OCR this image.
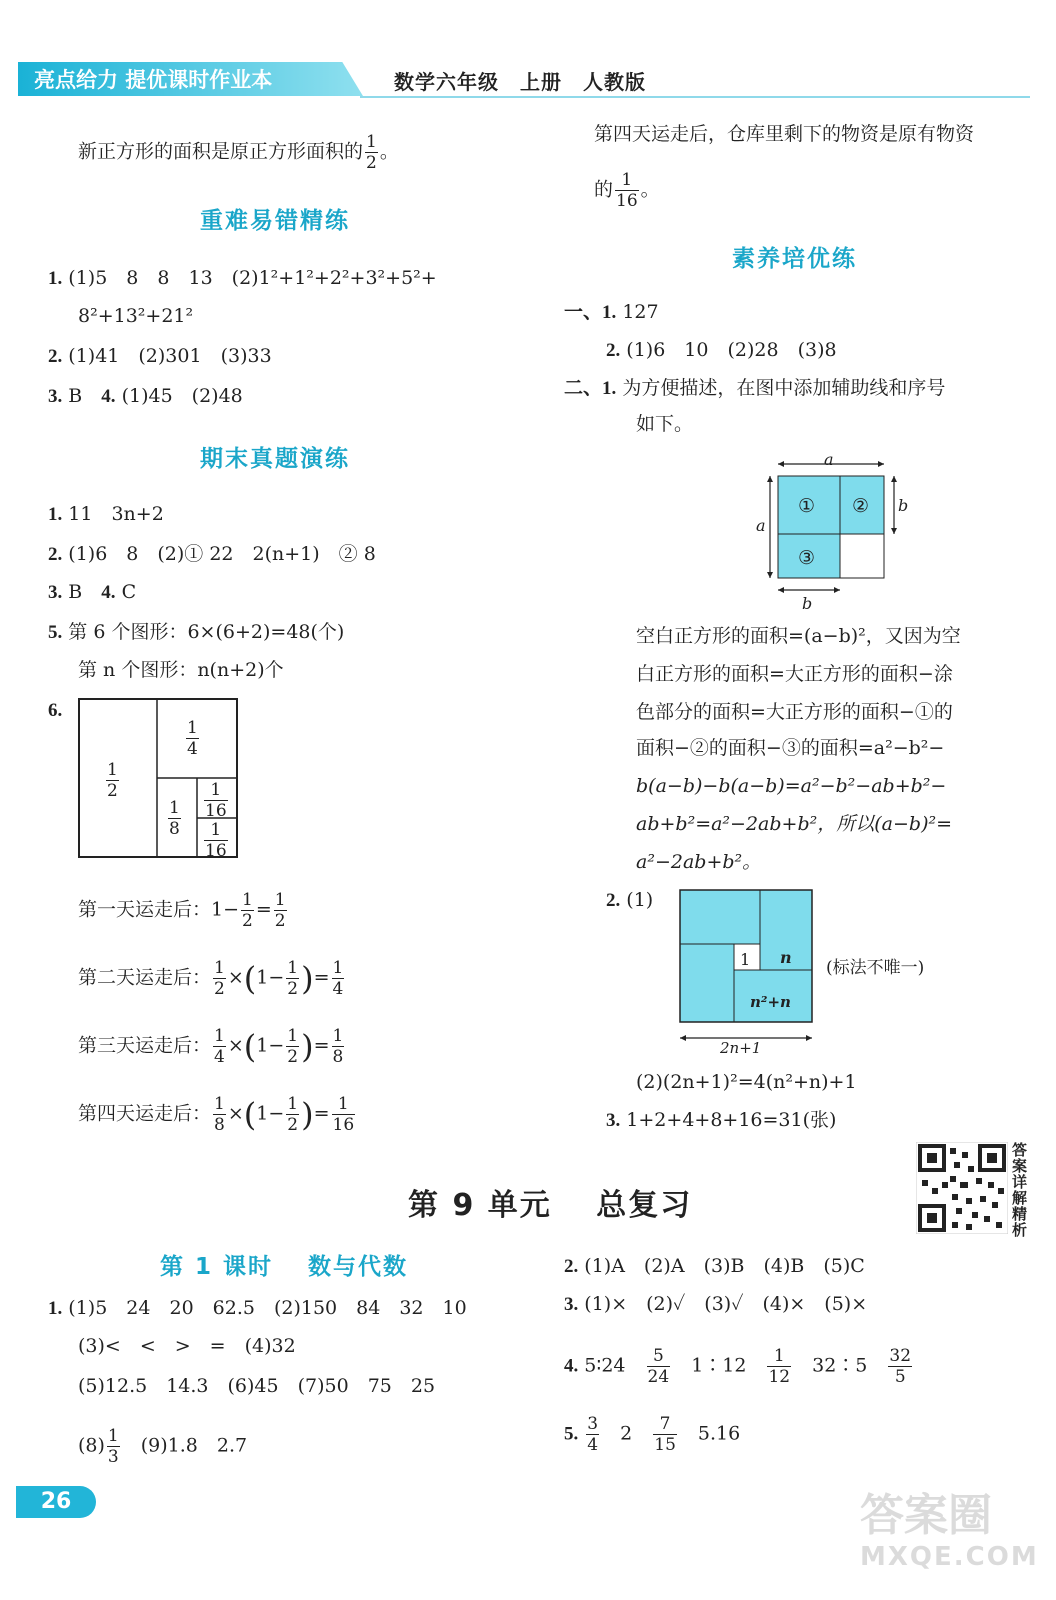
亮点给力 提优课时作业本	数学六年级　上册　人教版
新正方形的面积是原正方形面积的 $\frac{1}{2}$ 。
重难易错精练
1. (1)5　8　8　13　(2)1²+1²+2²+3²+5²+
8²+13²+21²
2. (1)41　(2)301　(3)33
3. B　 4. (1)45　(2)48
期末真题演练
1. 11　3n+2
2. (1)6　8　(2)① 22　2(n+1)　② 8
3. B　 4. C
5. 第 6 个图形：6×(6+2)=48(个)
第 n 个图形：n(n+2)个
6.
$\frac{1}{2}$
$\frac{1}{4}$
$\frac{1}{8} \frac{1}{16}$
$\frac{1}{16}$
第一天运走后：$1- \frac{1}{2} = \frac{1}{2}$
第二天运走后： $\frac{1}{2} \times(1- \frac{1}{2}$ )= $\frac{1}{4}$
第三天运走后： $\frac{1}{4} \times(1- \frac{1}{2}$ )= $\frac{1}{8}$
第四天运走后： $\frac{1}{8} \times(1- \frac{1}{2}$ )= $\frac{1}{16}$
第四天运走后，仓库里剩下的物资是原有物资
的 $\frac{1}{16}$ 。
素养培优练
一、1. 127
2. (1)6　10　(2)28　(3)8
二、1. 为方便描述，在图中添加辅助线和序号
如下。
a
a
b
b
① ②
③
空白正方形的面积=(a−b)²，又因为空
白正方形的面积=大正方形的面积−涂
色部分的面积=大正方形的面积−①的
面积−②的面积−③的面积=a²−b²−
b(a−b)−b(a−b)=a²−b²−ab+b²−
ab+b²=a²−2ab+b²，所以(a−b)²=
a²−2ab+b²。
2. (1)
1 n
n²+n
2n+1
(标法不唯一)
(2)(2n+1)²=4(n²+n)+1
3. 1+2+4+8+16=31(张)
答案详解精析
第 9 单元　 总复习
第 1 课时　 数与代数
1. (1)5　24　20　62.5　(2)150　84　32　10
(3)<　<　>　=　(4)32
(5)12.5　14.3　(6)45　(7)50　75　25
$(8) \frac{1}{3}$
　 (9)1.8　2.7
2. (1)A　(2)A　(3)B　(4)B　(5)C
3. (1)×　(2)✓　(3)✓　(4)×　(5)×
4. 5∶24　 $\frac{5}{24}$
　 1∶12　 $\frac{1}{12}$
　 32∶5　 $\frac{32}{5}$
5. $\frac{3}{4}$
　 2　 $\frac{7}{15}$
　 5.16
26	答案圈
MXQE.COM
